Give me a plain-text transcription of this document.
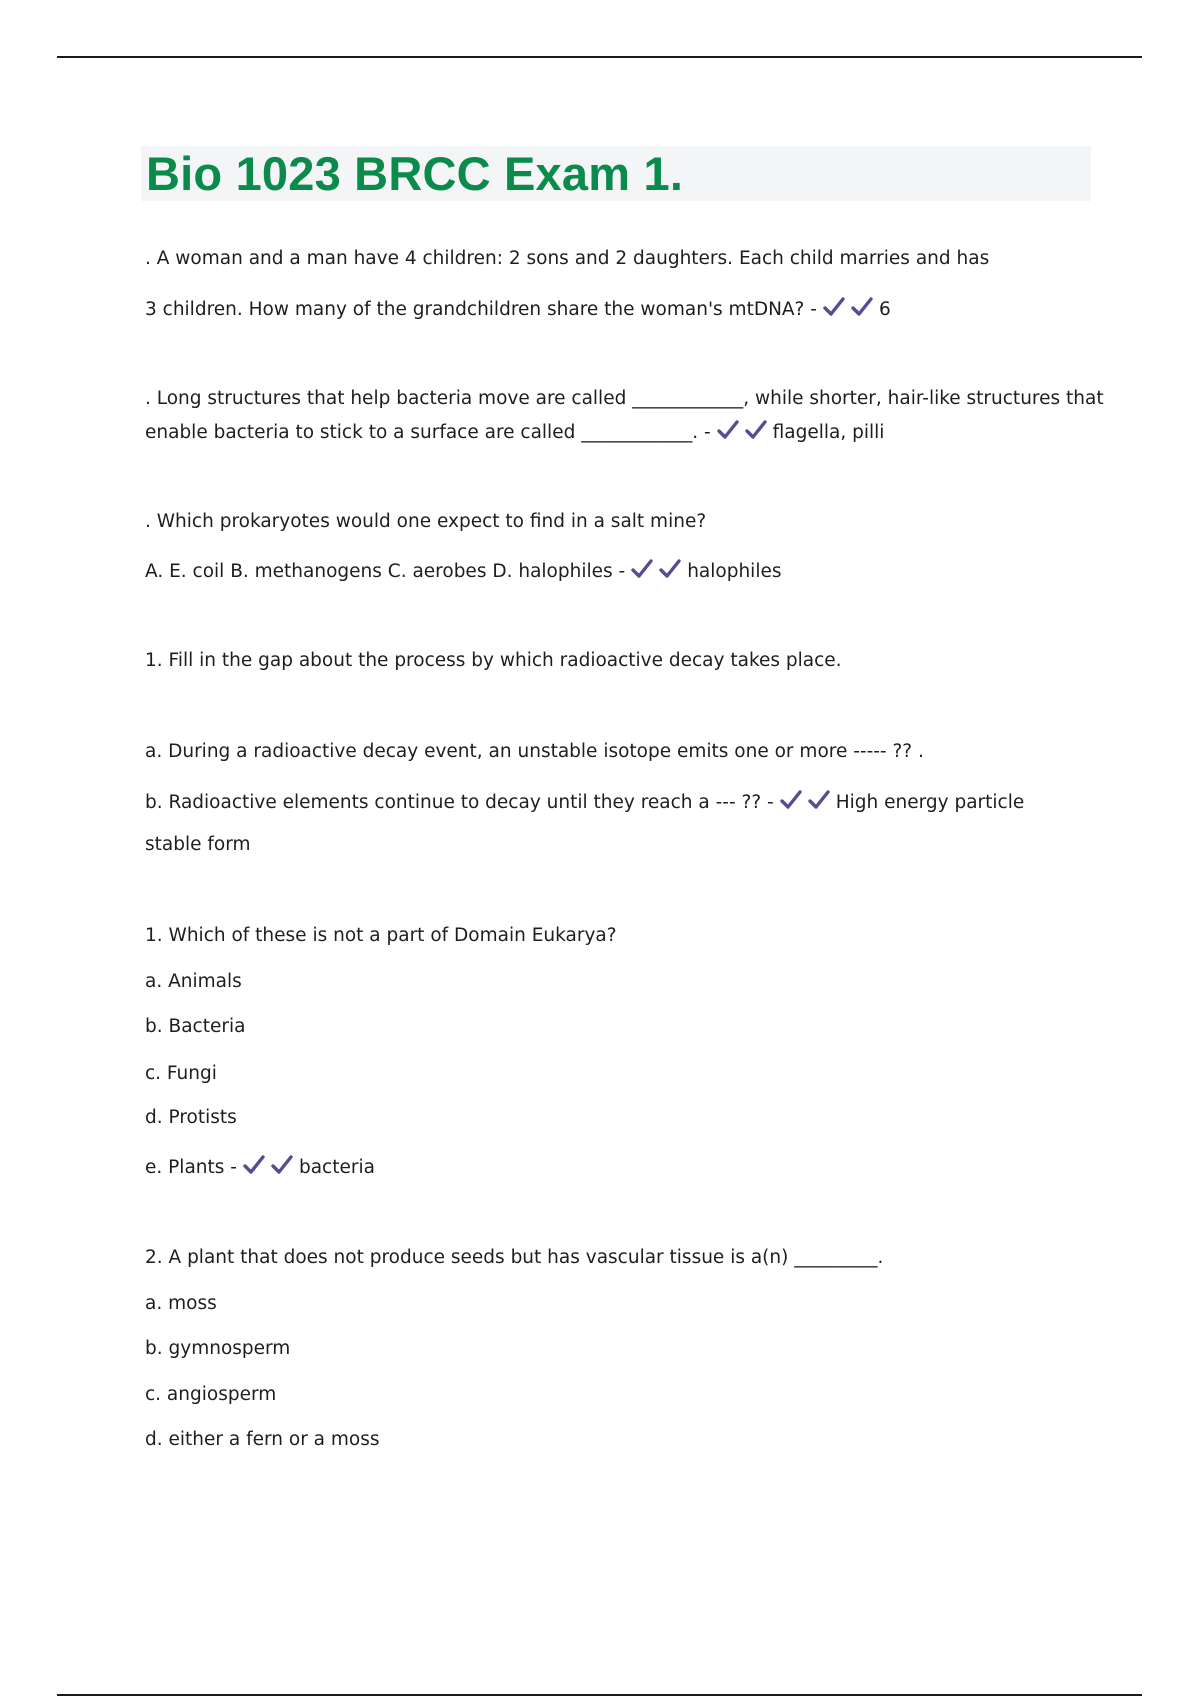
Bio 1023 BRCC Exam 1.

. A woman and a man have 4 children: 2 sons and 2 daughters. Each child marries and has

3 children. How many of the grandchildren share the woman's mtDNA? -	6

. Long structures that help bacteria move are called ____________, while shorter, hair-like structures that

enable bacteria to stick to a surface are called ____________. -	flagella, pilli

. Which prokaryotes would one expect to find in a salt mine?

A. E. coil B. methanogens C. aerobes D. halophiles -	halophiles

1. Fill in the gap about the process by which radioactive decay takes place.

a. During a radioactive decay event, an unstable isotope emits one or more ----- ?? .

b. Radioactive elements continue to decay until they reach a --- ?? -	High energy particle

stable form

1. Which of these is not a part of Domain Eukarya?

a. Animals

b. Bacteria

c. Fungi

d. Protists

e. Plants -	bacteria

2. A plant that does not produce seeds but has vascular tissue is a(n) _________.

a. moss

b. gymnosperm

c. angiosperm

d. either a fern or a moss
